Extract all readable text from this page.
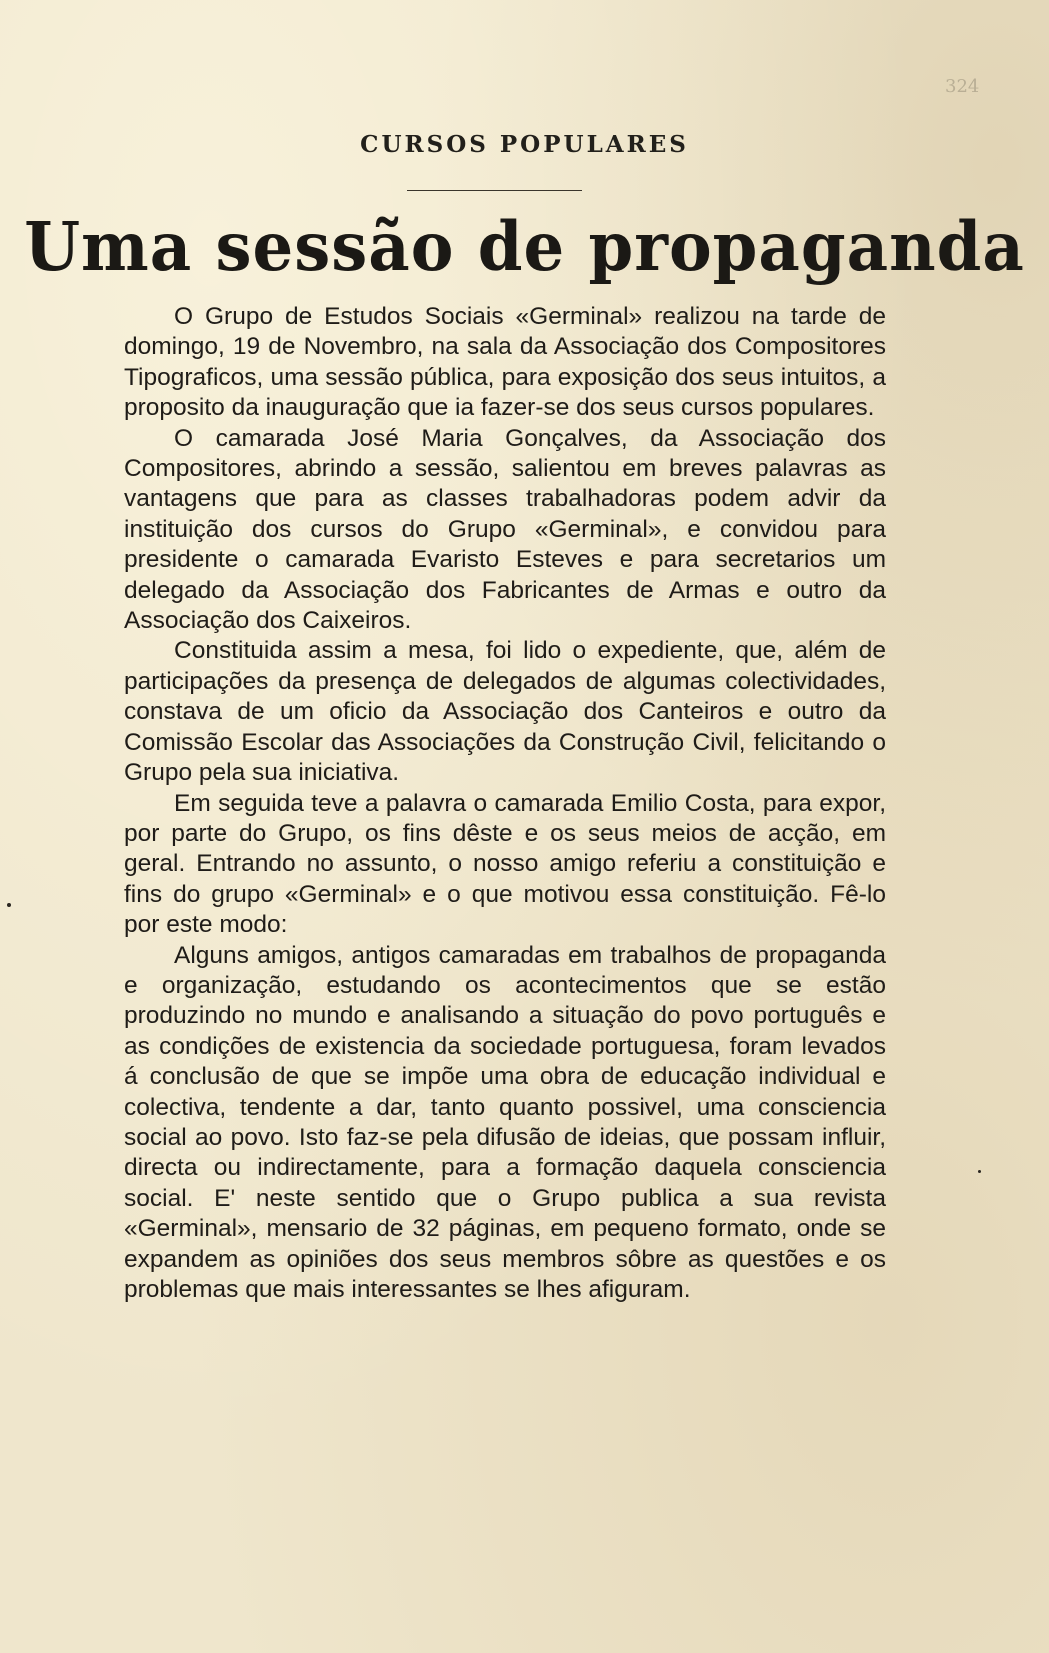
324
CURSOS POPULARES
Uma sessão de propaganda

O Grupo de Estudos Sociais «Germinal» realizou na tarde de domingo, 19 de Novembro, na sala da Associação dos Compositores Tipograficos, uma sessão pública, para exposição dos seus intuitos, a proposito da inauguração que ia fazer-se dos seus cursos populares.

O camarada José Maria Gonçalves, da Associação dos Compositores, abrindo a sessão, salientou em breves palavras as vantagens que para as classes trabalhadoras podem advir da instituição dos cursos do Grupo «Germinal», e convidou para presidente o camarada Evaristo Esteves e para secretarios um delegado da Associação dos Fabricantes de Armas e outro da Associação dos Caixeiros.

Constituida assim a mesa, foi lido o expediente, que, além de participações da presença de delegados de algumas colectividades, constava de um oficio da Associação dos Canteiros e outro da Comissão Escolar das Associações da Construção Civil, felicitando o Grupo pela sua iniciativa.

Em seguida teve a palavra o camarada Emilio Costa, para expor, por parte do Grupo, os fins dêste e os seus meios de acção, em geral. Entrando no assunto, o nosso amigo referiu a constituição e fins do grupo «Germinal» e o que motivou essa constituição. Fê-lo por este modo:

Alguns amigos, antigos camaradas em trabalhos de propaganda e organização, estudando os acontecimentos que se estão produzindo no mundo e analisando a situação do povo português e as condições de existencia da sociedade portuguesa, foram levados á conclusão de que se impõe uma obra de educação individual e colectiva, tendente a dar, tanto quanto possivel, uma consciencia social ao povo. Isto faz-se pela difusão de ideias, que possam influir, directa ou indirectamente, para a formação daquela consciencia social. E' neste sentido que o Grupo publica a sua revista «Germinal», mensario de 32 páginas, em pequeno formato, onde se expandem as opiniões dos seus membros sôbre as questões e os problemas que mais interessantes se lhes afiguram.
